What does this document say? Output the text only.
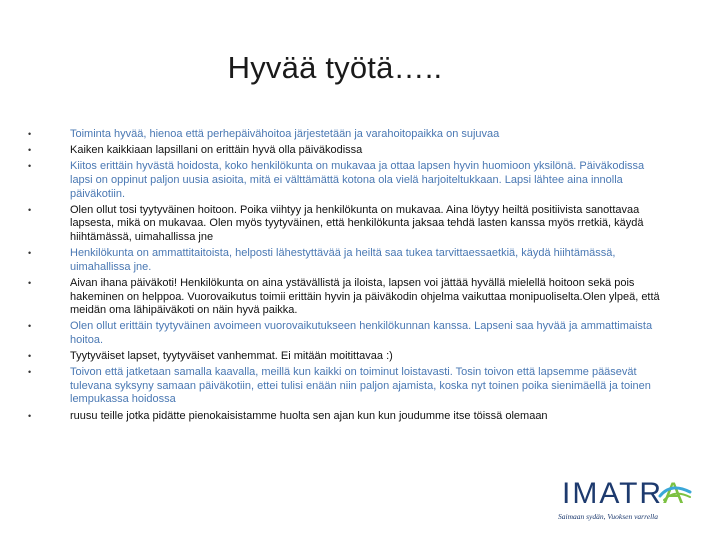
Hyvää työtä…..
•	Toiminta hyvää, hienoa että perhepäivähoitoa järjestetään ja varahoitopaikka on sujuvaa
•	Kaiken kaikkiaan lapsillani on erittäin hyvä olla päiväkodissa
•	Kiitos erittäin hyvästä hoidosta, koko henkilökunta on mukavaa ja ottaa lapsen hyvin huomioon yksilönä. Päiväkodissa lapsi on oppinut paljon uusia asioita, mitä ei välttämättä kotona ola vielä harjoiteltukkaan. Lapsi lähtee aina innolla päiväkotiin.
•	Olen ollut tosi tyytyväinen hoitoon. Poika viihtyy ja henkilökunta on mukavaa. Aina löytyy heiltä positiivista sanottavaa lapsesta, mikä on mukavaa. Olen myös tyytyväinen, että henkilökunta jaksaa tehdä lasten kanssa myös rretkiä, käydä hiihtämässä, uimahallissa jne
•	Henkilökunta on ammattitaitoista, helposti lähestyttävää ja heiltä saa tukea tarvittaessaetkiä, käydä hiihtämässä, uimahallissa jne.
•	Aivan ihana päiväkoti! Henkilökunta on aina ystävällistä ja iloista, lapsen voi jättää hyvällä mielellä hoitoon sekä pois hakeminen on helppoa. Vuorovaikutus toimii erittäin hyvin ja päiväkodin ohjelma vaikuttaa monipuoliselta.Olen ylpeä, että meidän oma lähipäiväkoti on näin hyvä paikka.
•	Olen ollut erittäin tyytyväinen avoimeen vuorovaikutukseen henkilökunnan kanssa. Lapseni saa hyvää ja ammattimaista hoitoa.
•	Tyytyväiset lapset, tyytyväiset vanhemmat. Ei mitään moitittavaa :)
•	Toivon että jatketaan samalla kaavalla, meillä kun kaikki on toiminut loistavasti. Tosin toivon että lapsemme pääsevät tulevana syksyny samaan päiväkotiin, ettei tulisi enään niin paljon ajamista, koska nyt toinen poika sienimäellä ja toinen lempukassa hoidossa
•	ruusu teille jotka pidätte pienokaisistamme huolta sen ajan kun kun joudumme itse töissä olemaan
IMATRA
Saimaan sydän, Vuoksen varrella
